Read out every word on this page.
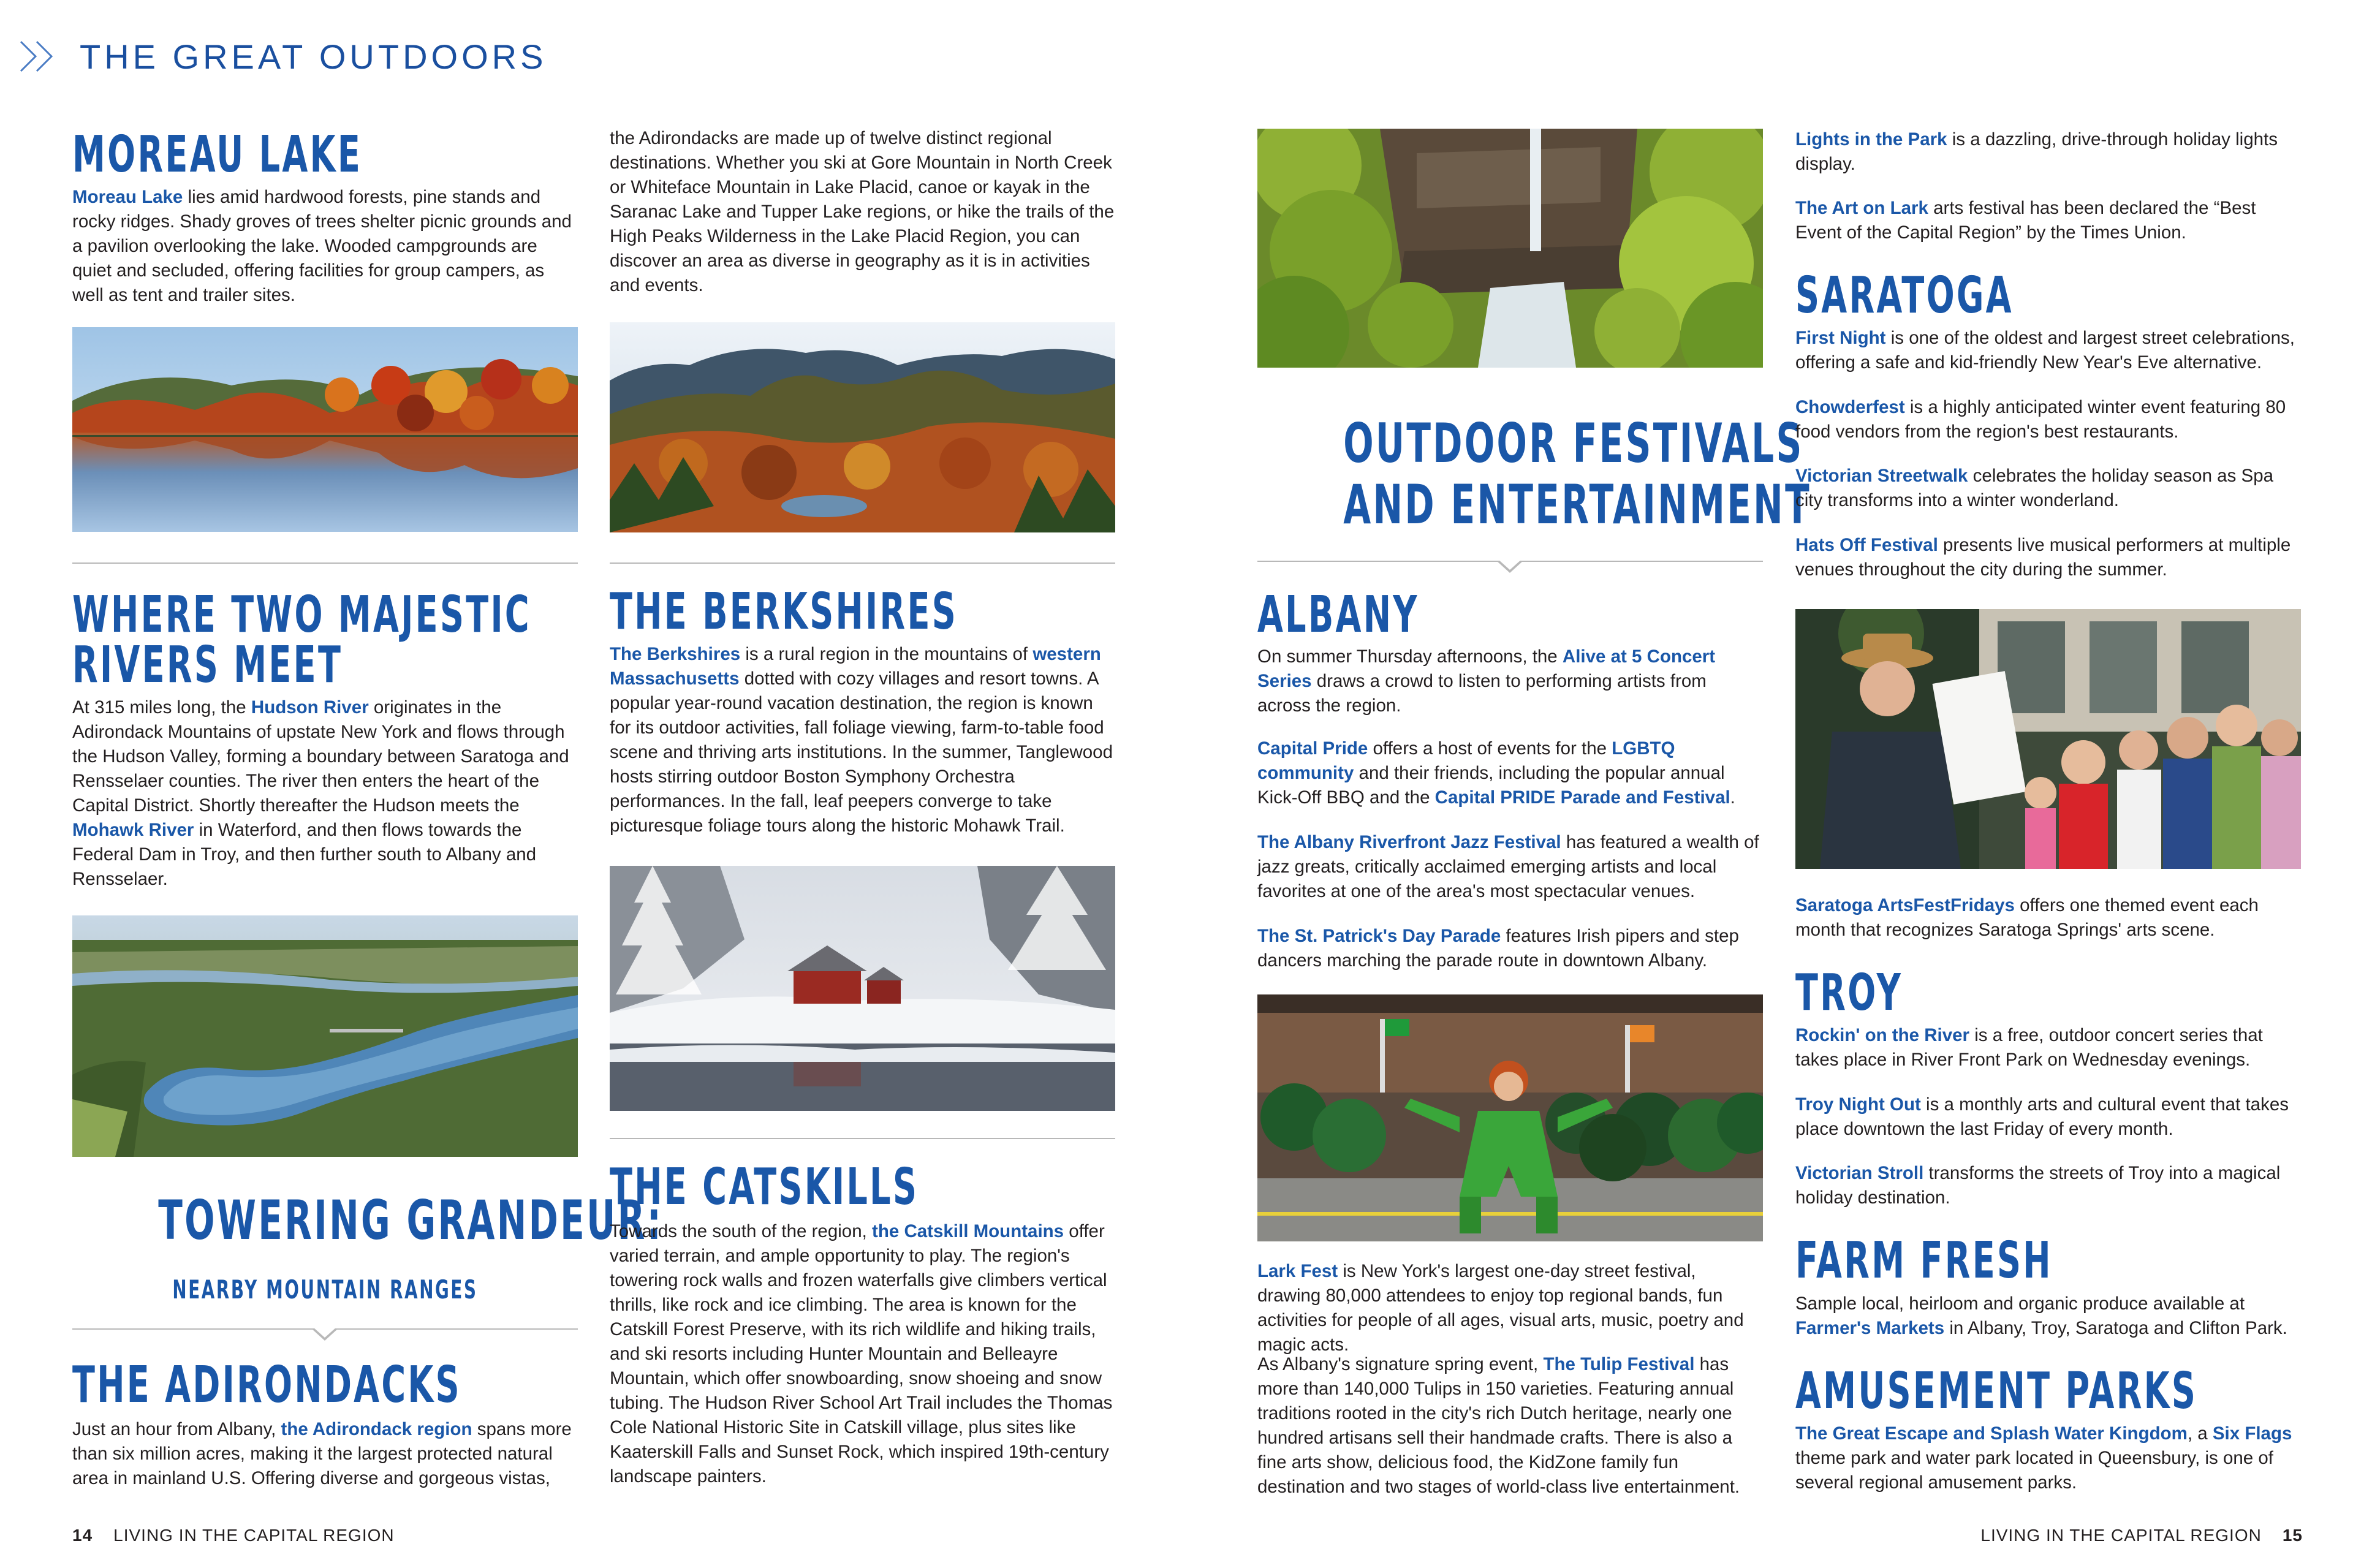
THE GREAT OUTDOORS
MOREAU LAKE
Moreau Lake lies amid hardwood forests, pine stands and rocky ridges. Shady groves of trees shelter picnic grounds and a pavilion overlooking the lake. Wooded campgrounds are quiet and secluded, offering facilities for group campers, as well as tent and trailer sites.
WHERE TWO MAJESTIC
RIVERS MEET
At 315 miles long, the Hudson River originates in the Adirondack Mountains of upstate New York and flows through the Hudson Valley, forming a boundary between Saratoga and Rensselaer counties. The river then enters the heart of the Capital District. Shortly thereafter the Hudson meets the Mohawk River in Waterford, and then flows towards the Federal Dam in Troy, and then further south to Albany and Rensselaer.
TOWERING GRANDEUR:
NEARBY MOUNTAIN RANGES
THE ADIRONDACKS
Just an hour from Albany, the Adirondack region spans more than six million acres, making it the largest protected natural area in mainland U.S. Offering diverse and gorgeous vistas,
the Adirondacks are made up of twelve distinct regional destinations. Whether you ski at Gore Mountain in North Creek or Whiteface Mountain in Lake Placid, canoe or kayak in the Saranac Lake and Tupper Lake regions, or hike the trails of the High Peaks Wilderness in the Lake Placid Region, you can discover an area as diverse in geography as it is in activities and events.
THE BERKSHIRES
The Berkshires is a rural region in the mountains of western Massachusetts dotted with cozy villages and resort towns. A popular year-round vacation destination, the region is known for its outdoor activities, fall foliage viewing, farm-to-table food scene and thriving arts institutions. In the summer, Tanglewood hosts stirring outdoor Boston Symphony Orchestra performances. In the fall, leaf peepers converge to take picturesque foliage tours along the historic Mohawk Trail.
THE CATSKILLS
Towards the south of the region, the Catskill Mountains offer varied terrain, and ample opportunity to play. The region's towering rock walls and frozen waterfalls give climbers vertical thrills, like rock and ice climbing. The area is known for the Catskill Forest Preserve, with its rich wildlife and hiking trails, and ski resorts including Hunter Mountain and Belleayre Mountain, which offer snowboarding, snow shoeing and snow tubing. The Hudson River School Art Trail includes the Thomas Cole National Historic Site in Catskill village, plus sites like Kaaterskill Falls and Sunset Rock, which inspired 19th-century landscape painters.
OUTDOOR FESTIVALS
AND ENTERTAINMENT
ALBANY
On summer Thursday afternoons, the Alive at 5 Concert Series draws a crowd to listen to performing artists from across the region.
Capital Pride offers a host of events for the LGBTQ community and their friends, including the popular annual Kick-Off BBQ and the Capital PRIDE Parade and Festival.
The Albany Riverfront Jazz Festival has featured a wealth of jazz greats, critically acclaimed emerging artists and local favorites at one of the area's most spectacular venues.
The St. Patrick's Day Parade features Irish pipers and step dancers marching the parade route in downtown Albany.
Lark Fest is New York's largest one-day street festival, drawing 80,000 attendees to enjoy top regional bands, fun activities for people of all ages, visual arts, music, poetry and magic acts.
As Albany's signature spring event, The Tulip Festival has more than 140,000 Tulips in 150 varieties. Featuring annual traditions rooted in the city's rich Dutch heritage, nearly one hundred artisans sell their handmade crafts. There is also a fine arts show, delicious food, the KidZone family fun destination and two stages of world-class live entertainment.
Lights in the Park is a dazzling, drive-through holiday lights display.
The Art on Lark arts festival has been declared the “Best Event of the Capital Region” by the Times Union.
SARATOGA
First Night is one of the oldest and largest street celebrations, offering a safe and kid-friendly New Year's Eve alternative.
Chowderfest is a highly anticipated winter event featuring 80 food vendors from the region's best restaurants.
Victorian Streetwalk celebrates the holiday season as Spa city transforms into a winter wonderland.
Hats Off Festival presents live musical performers at multiple venues throughout the city during the summer.
Saratoga ArtsFestFridays offers one themed event each month that recognizes Saratoga Springs' arts scene.
TROY
Rockin' on the River is a free, outdoor concert series that takes place in River Front Park on Wednesday evenings.
Troy Night Out is a monthly arts and cultural event that takes place downtown the last Friday of every month.
Victorian Stroll transforms the streets of Troy into a magical holiday destination.
FARM FRESH
Sample local, heirloom and organic produce available at Farmer's Markets in Albany, Troy, Saratoga and Clifton Park.
AMUSEMENT PARKS
The Great Escape and Splash Water Kingdom, a Six Flags theme park and water park located in Queensbury, is one of several regional amusement parks.
14 LIVING IN THE CAPITAL REGION	LIVING IN THE CAPITAL REGION 15
